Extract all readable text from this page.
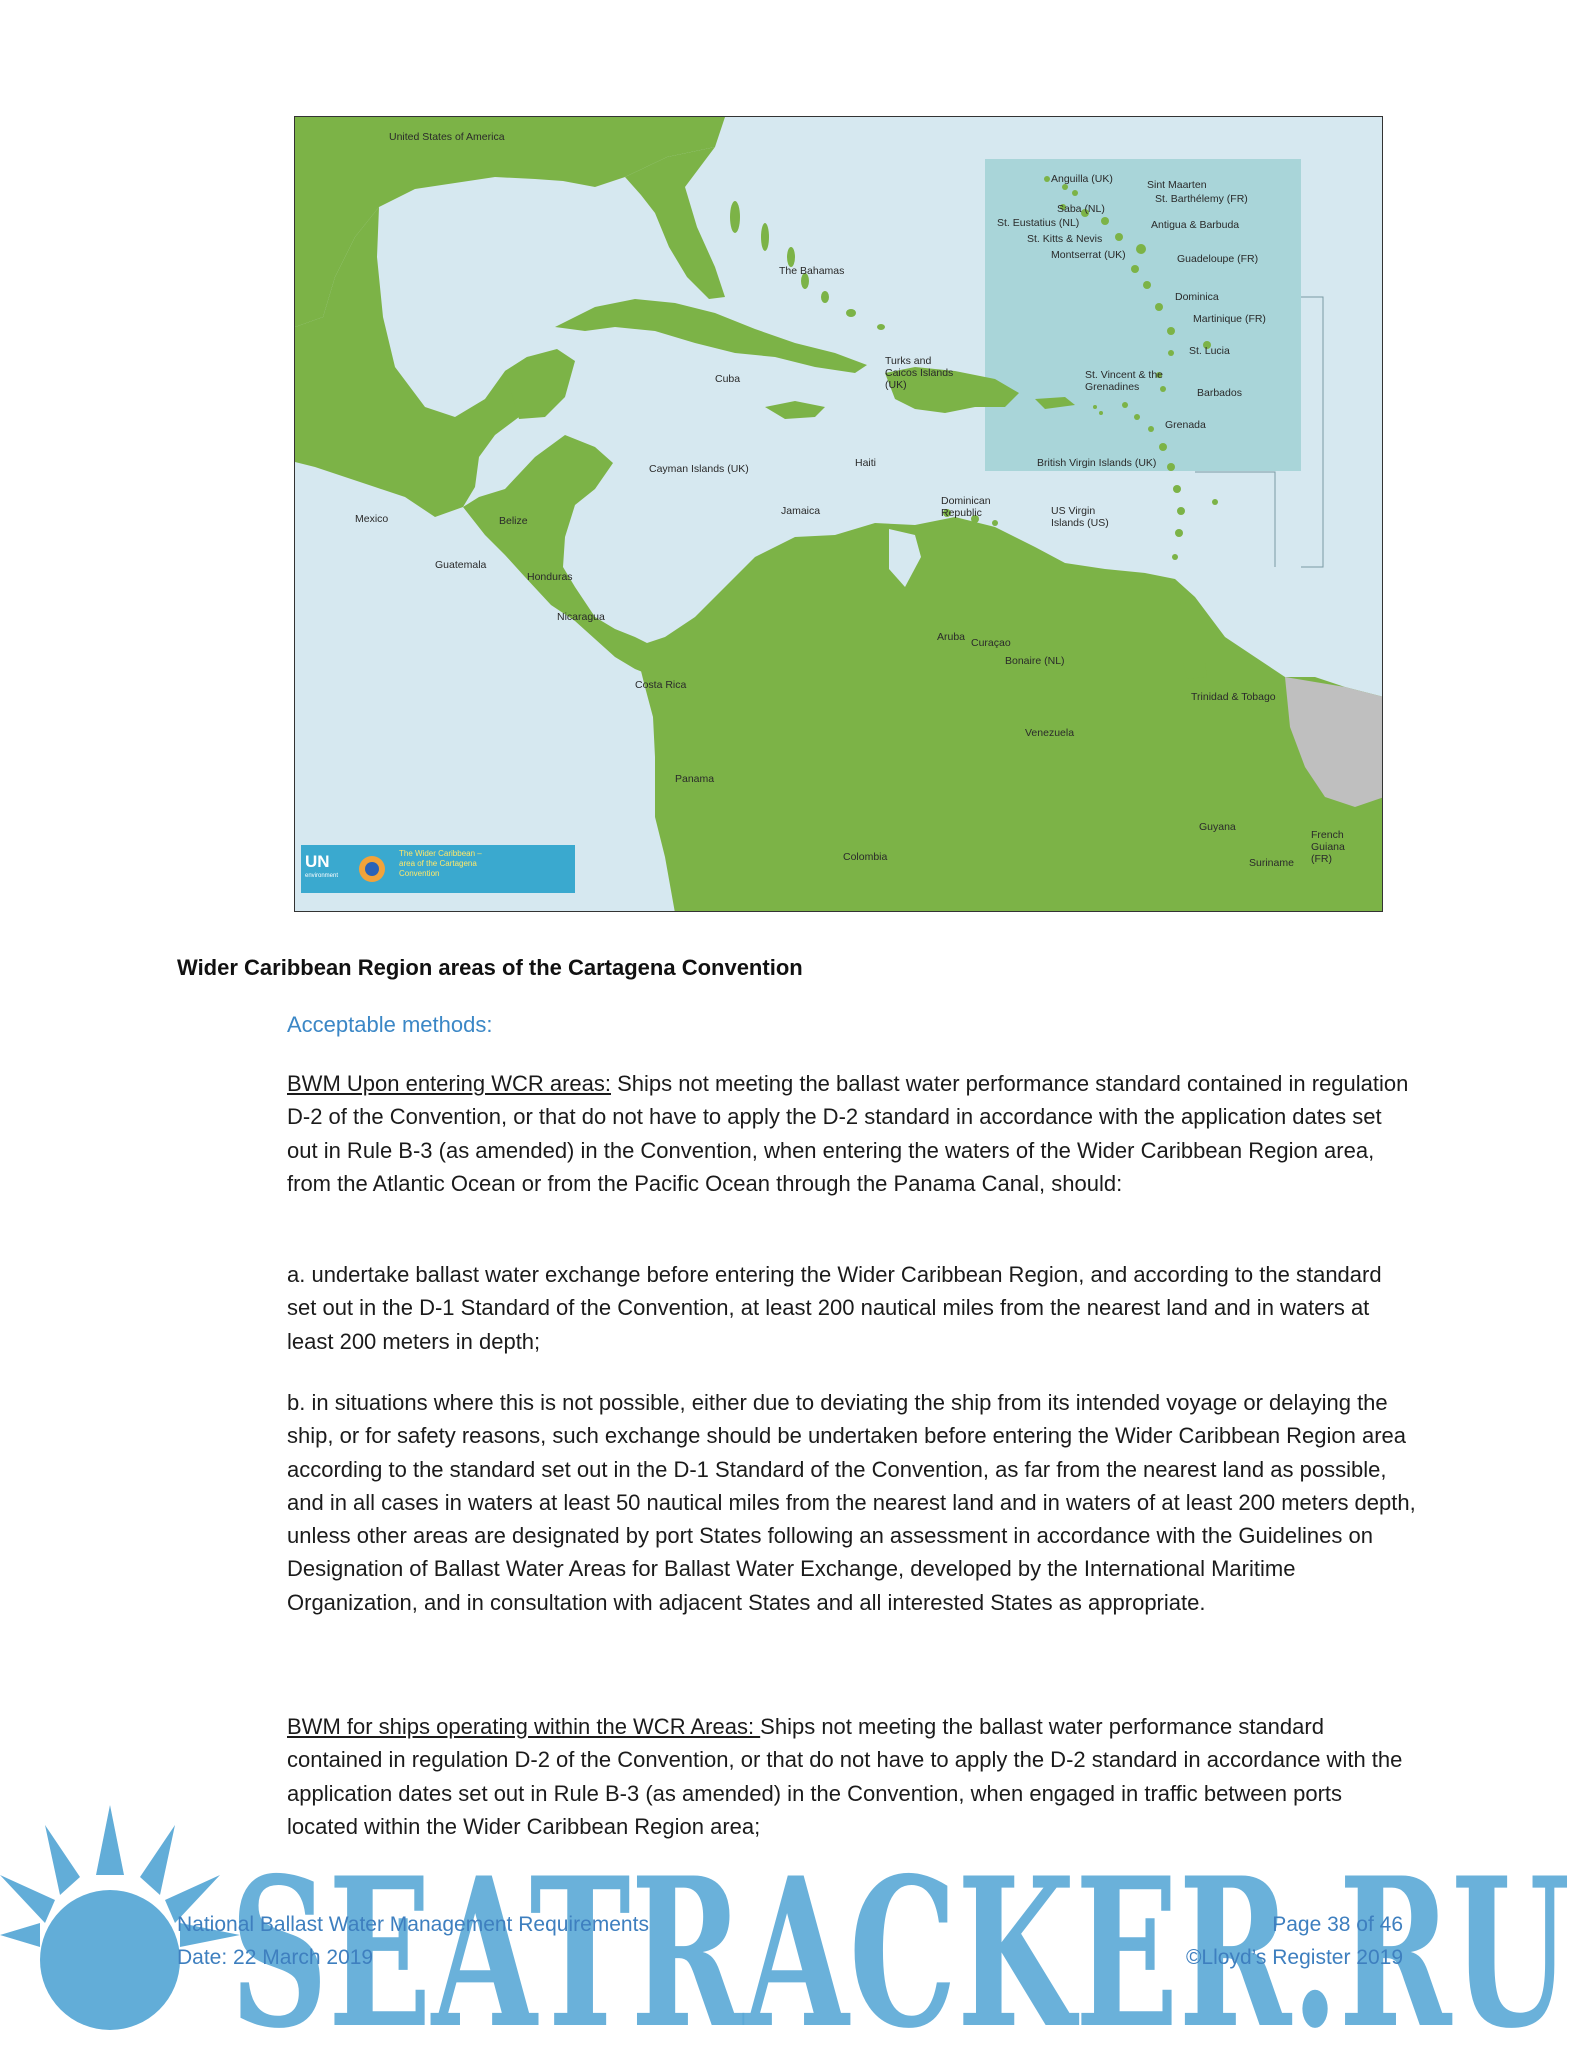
United States of America
The Bahamas
Turks and Caicos Islands (UK)
Cuba
Cayman Islands (UK)	Haiti
Dominican Republic
Jamaica
Mexico	Belize
Guatemala
Honduras
Nicaragua
Costa Rica
Panama
Colombia
Venezuela
Guyana
Suriname
French Guiana (FR)
Trinidad & Tobago
Aruba Curaçao
Bonaire (NL)
British Virgin Islands (UK)
US Virgin Islands (US)
Anguilla (UK)	Sint Maarten
St. Barthélemy (FR)
Saba (NL)
St. Eustatius (NL)	Antigua & Barbuda
St. Kitts & Nevis
Montserrat (UK)	Guadeloupe (FR)
Dominica
Martinique (FR)
St. Lucia
St. Vincent & the Grenadines	Barbados
Grenada
UN
environment
The Wider Caribbean – area of the Cartagena Convention
Wider Caribbean Region areas of the Cartagena Convention
Acceptable methods:

BWM Upon entering WCR areas: Ships not meeting the ballast water performance standard contained in regulation D-2 of the Convention, or that do not have to apply the D-2 standard in accordance with the application dates set out in Rule B-3 (as amended) in the Convention, when entering the waters of the Wider Caribbean Region area, from the Atlantic Ocean or from the Pacific Ocean through the Panama Canal, should:

a. undertake ballast water exchange before entering the Wider Caribbean Region, and according to the standard set out in the D-1 Standard of the Convention, at least 200 nautical miles from the nearest land and in waters at least 200 meters in depth;

b. in situations where this is not possible, either due to deviating the ship from its intended voyage or delaying the ship, or for safety reasons, such exchange should be undertaken before entering the Wider Caribbean Region area according to the standard set out in the D-1 Standard of the Convention, as far from the nearest land as possible, and in all cases in waters at least 50 nautical miles from the nearest land and in waters of at least 200 meters depth, unless other areas are designated by port States following an assessment in accordance with the Guidelines on Designation of Ballast Water Areas for Ballast Water Exchange, developed by the International Maritime Organization, and in consultation with adjacent States and all interested States as appropriate.

BWM for ships operating within the WCR Areas: Ships not meeting the ballast water performance standard contained in regulation D-2 of the Convention, or that do not have to apply the D-2 standard in accordance with the application dates set out in Rule B-3 (as amended) in the Convention, when engaged in traffic between ports located within the Wider Caribbean Region area;

SEATRACKER.RU
National Ballast Water Management Requirements
Date: 22 March 2019
Page 38 of 46
©Lloyd’s Register 2019
